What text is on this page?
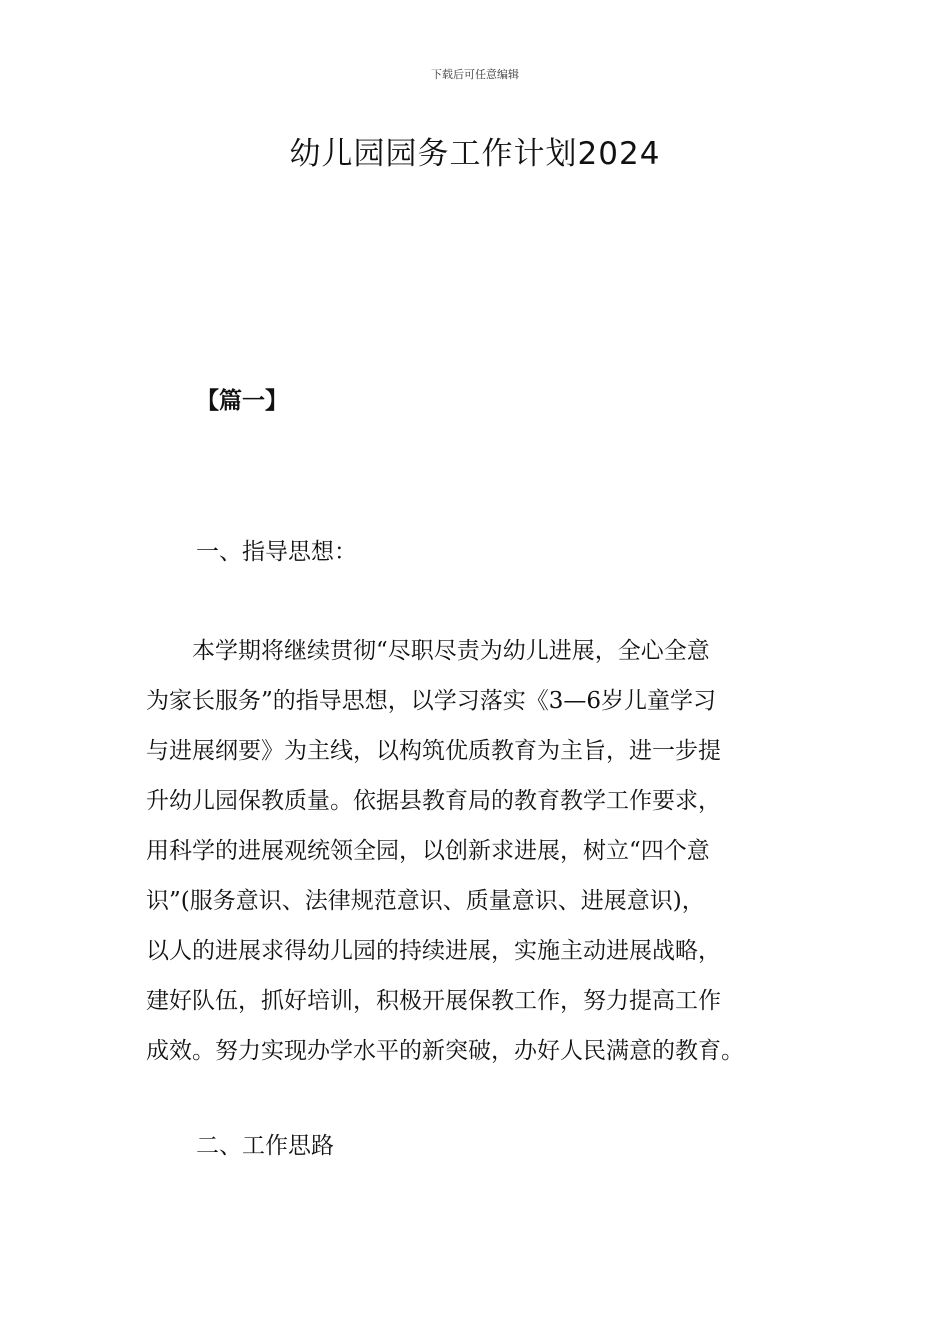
下载后可任意编辑
幼儿园园务工作计划2024
【篇一】
一、指导思想：

　　本学期将继续贯彻“尽职尽责为幼儿进展，全心全意
为家长服务”的指导思想，以学习落实《3—6岁儿童学习
与进展纲要》为主线，以构筑优质教育为主旨，进一步提
升幼儿园保教质量。依据县教育局的教育教学工作要求，
用科学的进展观统领全园，以创新求进展，树立“四个意
识”(服务意识、法律规范意识、质量意识、进展意识)，
以人的进展求得幼儿园的持续进展，实施主动进展战略，
建好队伍，抓好培训，积极开展保教工作，努力提高工作
成效。努力实现办学水平的新突破，办好人民满意的教育。

二、工作思路
